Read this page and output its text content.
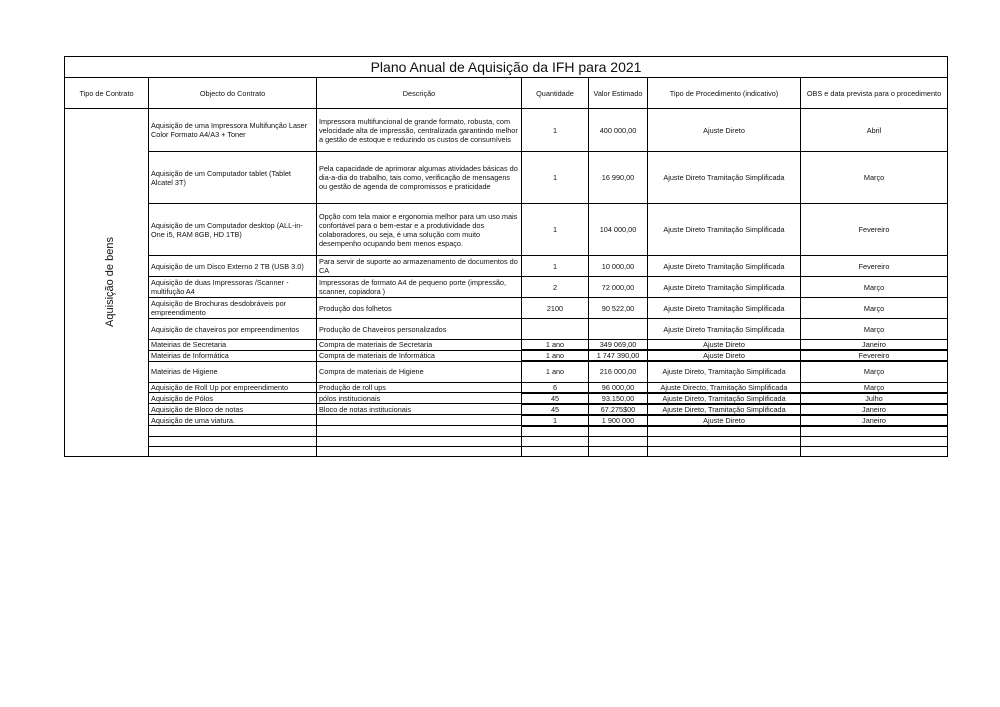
Plano Anual de Aquisição da IFH para 2021						
Tipo de Contrato	Objecto do Contrato	Descrição	Quantidade	Valor Estimado	Tipo de Procedimento (indicativo)	OBS e data prevista para o procedimento
Aquisição de bens	Aquisição de uma Impressora Multifunção Laser Color Formato A4/A3 + Toner	Impressora multifuncional de grande formato, robusta, com velocidade alta de impressão, centralizada garantindo melhor a gestão de estoque e reduzindo os custos de consumíveis	1	400 000,00	Ajuste Direto	Abril
	Aquisição de um Computador tablet (Tablet Alcatel 3T)	Pela capacidade de aprimorar algumas atividades básicas do dia-a-dia do trabalho, tais como, verificação de mensagens ou gestão de agenda de compromissos e praticidade	1	16 990,00	Ajuste Direto Tramitação Simplificada	Março
	Aquisição de um Computador desktop (ALL-in-One i5, RAM 8GB, HD 1TB)	Opção com tela maior e ergonomia melhor para um uso mais confortável para o bem-estar e a produtividade dos colaboradores, ou seja, é uma solução com muito desempenho ocupando bem menos espaço.	1	104 000,00	Ajuste Direto Tramitação Simplificada	Fevereiro
	Aquisição de um Disco Externo 2 TB (USB 3.0)	Para servir de suporte ao armazenamento de documentos do CA	1	10 000,00	Ajuste Direto Tramitação Simplificada	Fevereiro
	Aquisição de duas Impressoras /Scanner - multifução A4	Impressoras de formato A4 de pequeno porte (impressão, scanner, copiadora )	2	72 000,00	Ajuste Direto Tramitação Simplificada	Março
	Aquisição de Brochuras desdobráveis por empreendimento	Produção dos folhetos	2100	90 522,00	Ajuste Direto Tramitação Simplificada	Março
	Aquisição de chaveiros por empreendimentos	Produção de Chaveiros personalizados			Ajuste Direto Tramitação Simplificada	Março
	Mateirias de Secretaria	Compra de materiais de Secretaria	1 ano	349 069,00	Ajuste Direto	Janeiro
	Mateirias de Informática	Compra de materiais de Informática	1 ano	1 747 390,00	Ajuste Direto	Fevereiro
	Mateirias de Higiene	Compra de materiais de Higiene	1 ano	216 000,00	Ajuste Direto, Tramitação Simplificada	Março
	Aquisição de Roll Up por empreendimento	Produção de roll ups	6	96 000,00	Ajuste Directo, Tramitação Simplificada	Março
	Aquisição de Pólos	pólos institucionais	45	93.150,00	Ajuste Direto, Tramitação Simplificada	Julho
	Aquisição de Bloco de notas	Bloco de notas institucionais	45	67.275$00	Ajuste Direto, Tramitação Simplificada	Janeiro
	Aquisição de uma viatura.		1	1 900 000	Ajuste Direto	Janeiro
